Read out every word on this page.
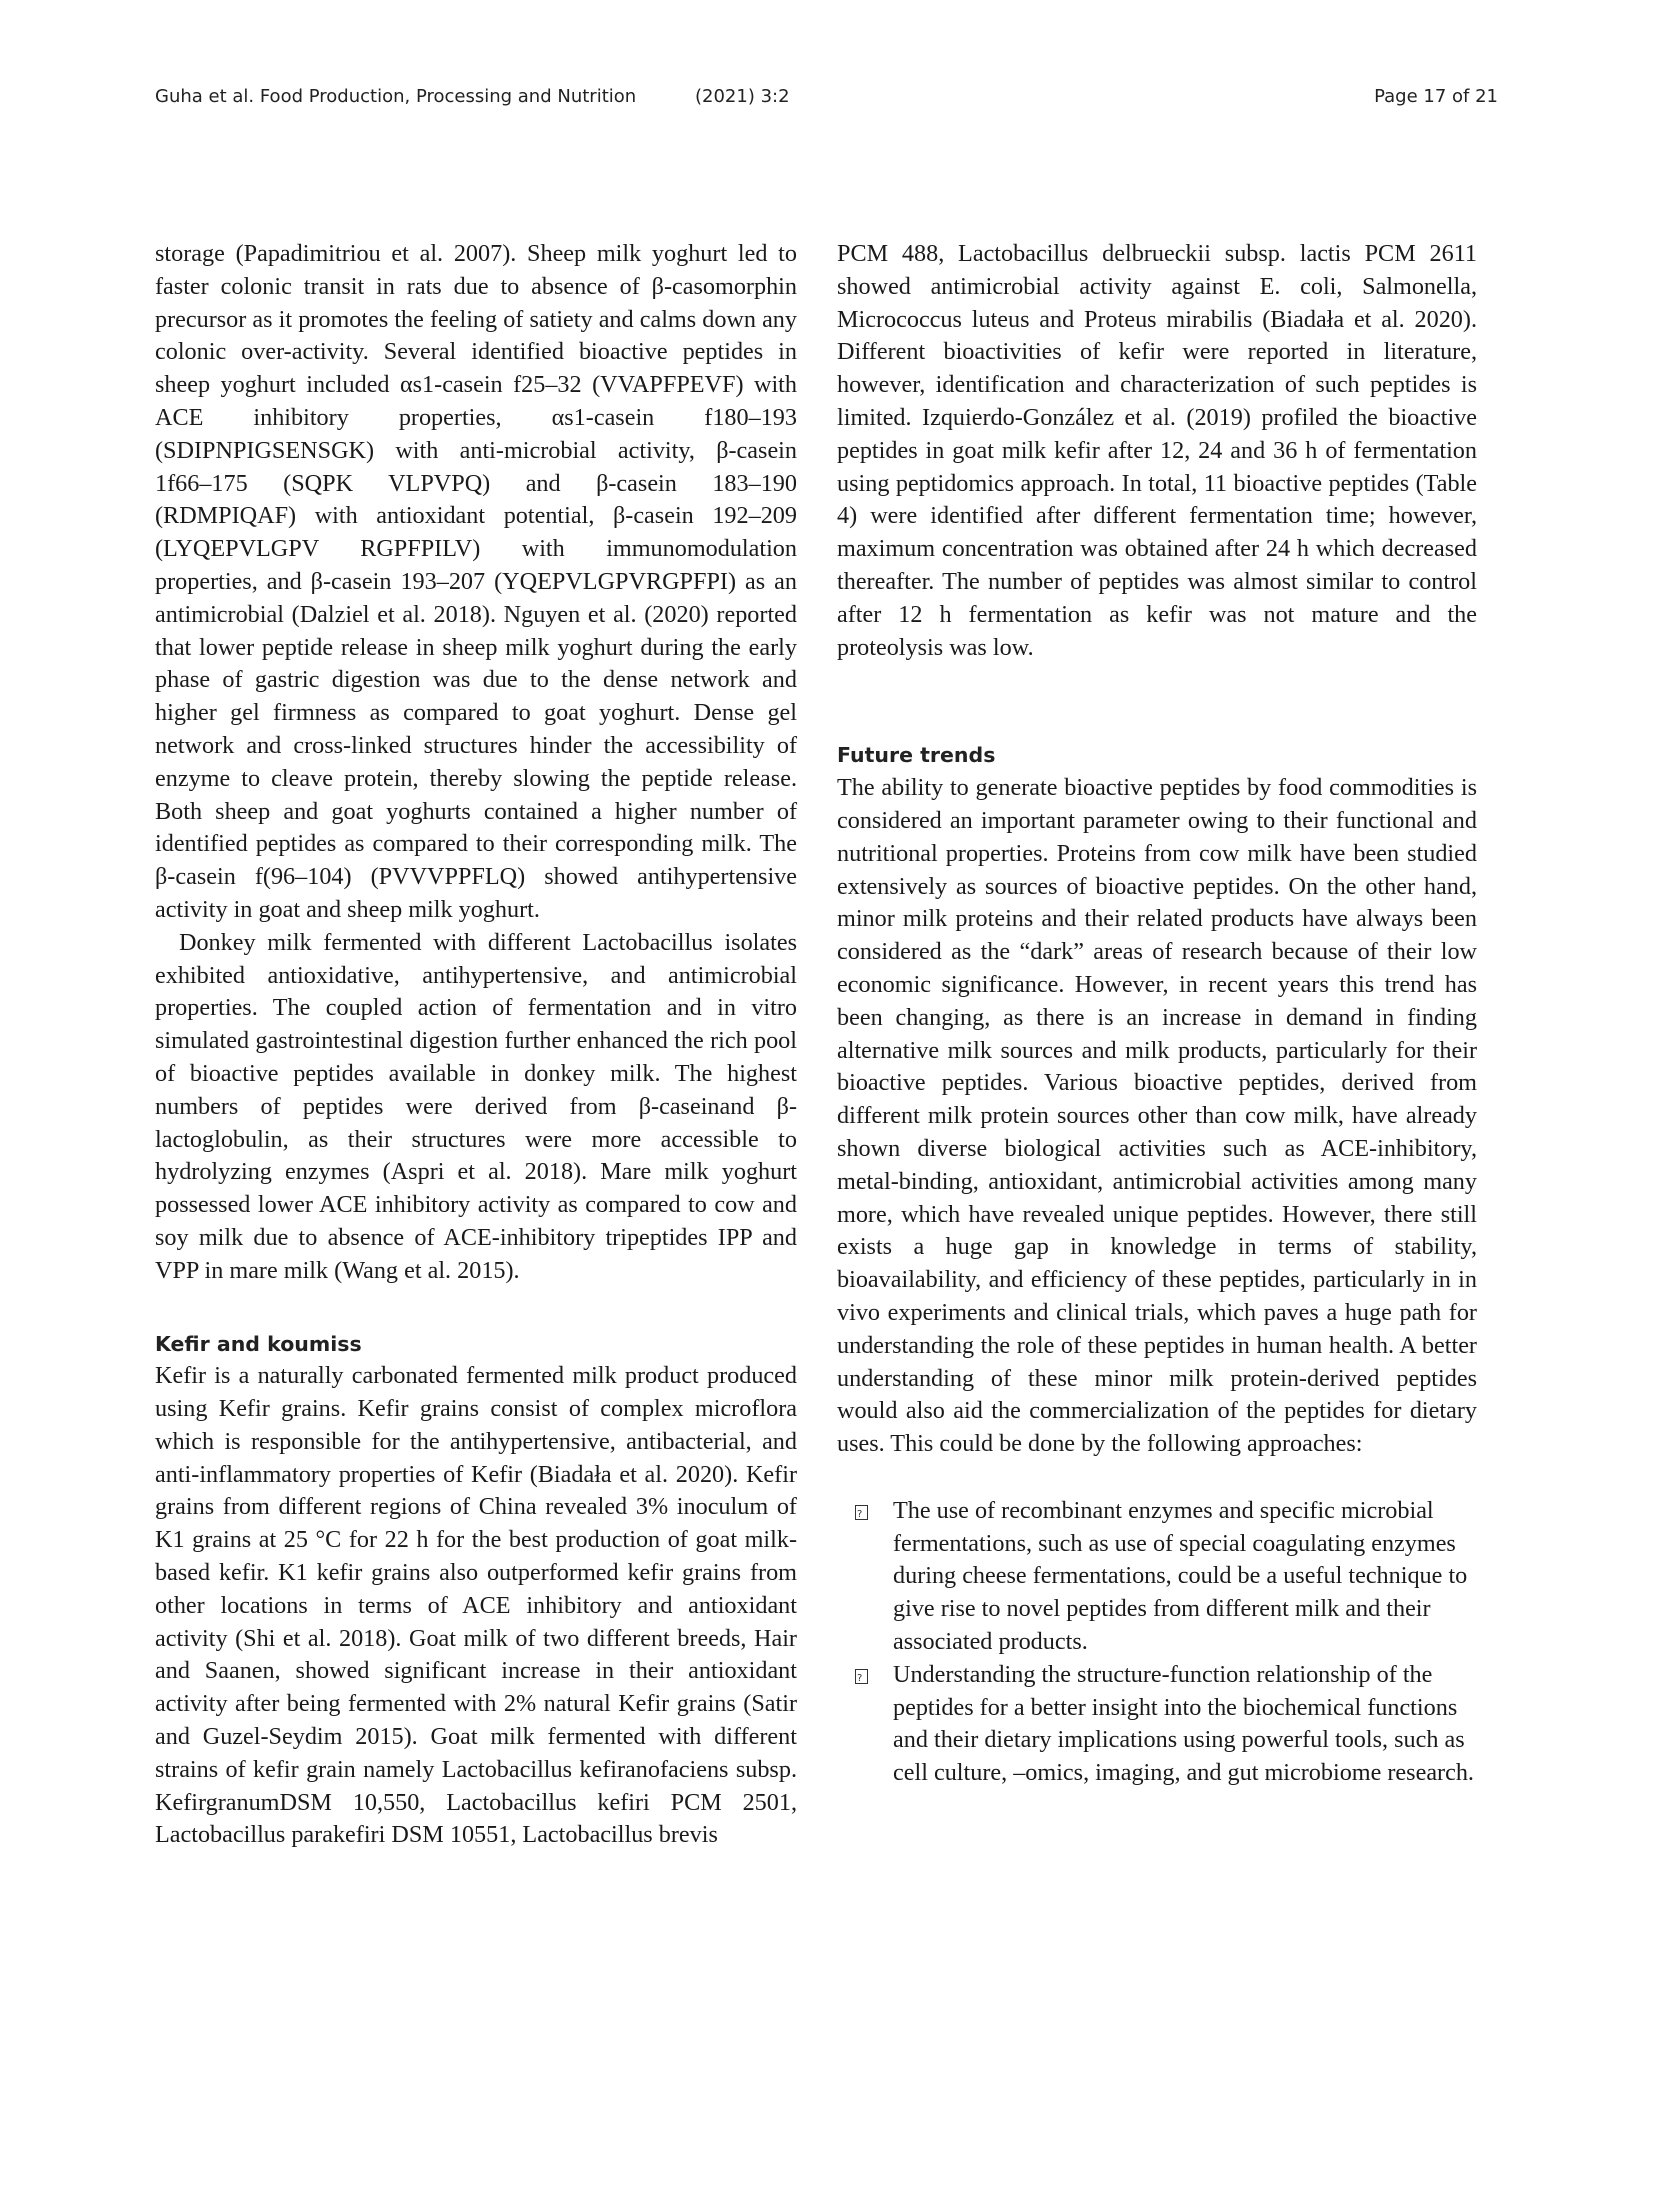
Guha et al. Food Production, Processing and Nutrition	(2021) 3:2	Page 17 of 21

storage (Papadimitriou et al. 2007). Sheep milk yoghurt led to faster colonic transit in rats due to absence of β-casomorphin precursor as it promotes the feeling of satiety and calms down any colonic over-activity. Several identified bioactive peptides in sheep yoghurt included αs1-casein f25–32 (VVAPFPEVF) with ACE inhibitory properties, αs1-casein f180–193 (SDIPNPIGSENSGK) with anti-microbial activity, β-casein 1f66–175 (SQPK VLPVPQ) and β-casein 183–190 (RDMPIQAF) with antioxidant potential, β-casein 192–209 (LYQEPVLGPV RGPFPILV) with immunomodulation properties, and β-casein 193–207 (YQEPVLGPVRGPFPI) as an antimicrobial (Dalziel et al. 2018). Nguyen et al. (2020) reported that lower peptide release in sheep milk yoghurt during the early phase of gastric digestion was due to the dense network and higher gel firmness as compared to goat yoghurt. Dense gel network and cross-linked structures hinder the accessibility of enzyme to cleave protein, thereby slowing the peptide release. Both sheep and goat yoghurts contained a higher number of identified peptides as compared to their corresponding milk. The β-casein f(96–104) (PVVVPPFLQ) showed antihypertensive activity in goat and sheep milk yoghurt.

Donkey milk fermented with different Lactobacillus isolates exhibited antioxidative, antihypertensive, and antimicrobial properties. The coupled action of fermentation and in vitro simulated gastrointestinal digestion further enhanced the rich pool of bioactive peptides available in donkey milk. The highest numbers of peptides were derived from β-caseinand β-lactoglobulin, as their structures were more accessible to hydrolyzing enzymes (Aspri et al. 2018). Mare milk yoghurt possessed lower ACE inhibitory activity as compared to cow and soy milk due to absence of ACE-inhibitory tripeptides IPP and VPP in mare milk (Wang et al. 2015).

Kefir and koumiss

Kefir is a naturally carbonated fermented milk product produced using Kefir grains. Kefir grains consist of complex microflora which is responsible for the antihypertensive, antibacterial, and anti-inflammatory properties of Kefir (Biadała et al. 2020). Kefir grains from different regions of China revealed 3% inoculum of K1 grains at 25 °C for 22 h for the best production of goat milk-based kefir. K1 kefir grains also outperformed kefir grains from other locations in terms of ACE inhibitory and antioxidant activity (Shi et al. 2018). Goat milk of two different breeds, Hair and Saanen, showed significant increase in their antioxidant activity after being fermented with 2% natural Kefir grains (Satir and Guzel-Seydim 2015). Goat milk fermented with different strains of kefir grain namely Lactobacillus kefiranofaciens subsp. KefirgranumDSM 10,550, Lactobacillus kefiri PCM 2501, Lactobacillus parakefiri DSM 10551, Lactobacillus brevis

PCM 488, Lactobacillus delbrueckii subsp. lactis PCM 2611 showed antimicrobial activity against E. coli, Salmonella, Micrococcus luteus and Proteus mirabilis (Biadała et al. 2020). Different bioactivities of kefir were reported in literature, however, identification and characterization of such peptides is limited. Izquierdo-González et al. (2019) profiled the bioactive peptides in goat milk kefir after 12, 24 and 36 h of fermentation using peptidomics approach. In total, 11 bioactive peptides (Table 4) were identified after different fermentation time; however, maximum concentration was obtained after 24 h which decreased thereafter. The number of peptides was almost similar to control after 12 h fermentation as kefir was not mature and the proteolysis was low.

Future trends

The ability to generate bioactive peptides by food commodities is considered an important parameter owing to their functional and nutritional properties. Proteins from cow milk have been studied extensively as sources of bioactive peptides. On the other hand, minor milk proteins and their related products have always been considered as the “dark” areas of research because of their low economic significance. However, in recent years this trend has been changing, as there is an increase in demand in finding alternative milk sources and milk products, particularly for their bioactive peptides. Various bioactive peptides, derived from different milk protein sources other than cow milk, have already shown diverse biological activities such as ACE-inhibitory, metal-binding, antioxidant, antimicrobial activities among many more, which have revealed unique peptides. However, there still exists a huge gap in knowledge in terms of stability, bioavailability, and efficiency of these peptides, particularly in in vivo experiments and clinical trials, which paves a huge path for understanding the role of these peptides in human health. A better understanding of these minor milk protein-derived peptides would also aid the commercialization of the peptides for dietary uses. This could be done by the following approaches:

?
The use of recombinant enzymes and specific microbial fermentations, such as use of special coagulating enzymes during cheese fermentations, could be a useful technique to give rise to novel peptides from different milk and their associated products.
?
Understanding the structure-function relationship of the peptides for a better insight into the biochemical functions and their dietary implications using powerful tools, such as cell culture, –omics, imaging, and gut microbiome research.
